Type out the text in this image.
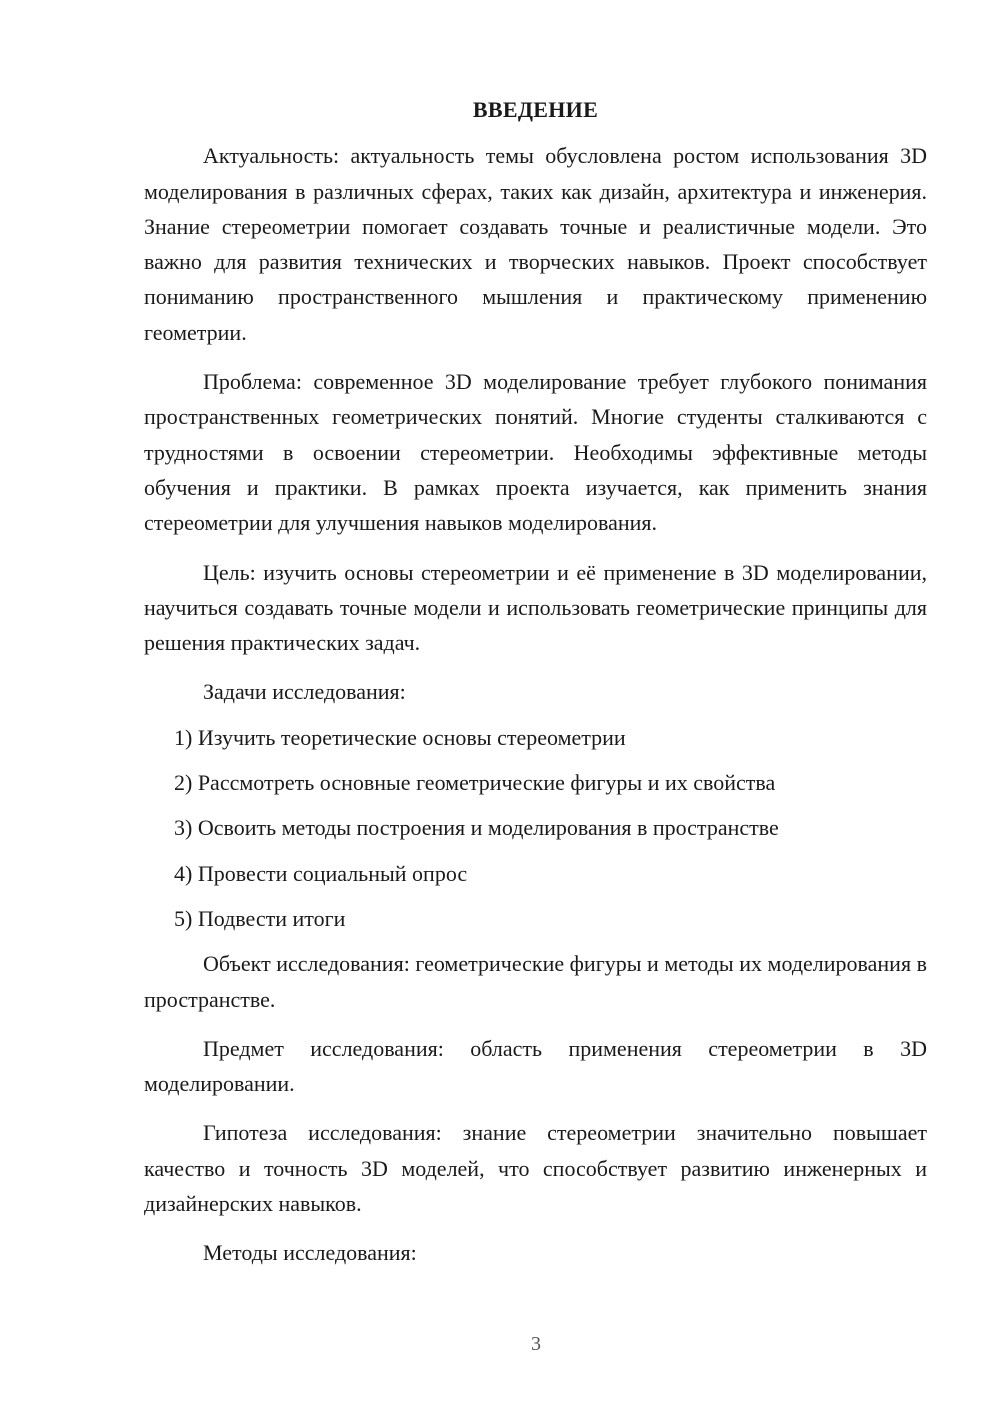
ВВЕДЕНИЕ

Актуальность: актуальность темы обусловлена ростом использования 3D моделирования в различных сферах, таких как дизайн, архитектура и инженерия. Знание стереометрии помогает создавать точные и реалистичные модели. Это важно для развития технических и творческих навыков. Проект способствует пониманию пространственного мышления и практическому применению геометрии.

Проблема: современное 3D моделирование требует глубокого понимания пространственных геометрических понятий. Многие студенты сталкиваются с трудностями в освоении стереометрии. Необходимы эффективные методы обучения и практики. В рамках проекта изучается, как применить знания стереометрии для улучшения навыков моделирования.

Цель: изучить основы стереометрии и её применение в 3D моделировании, научиться создавать точные модели и использовать геометрические принципы для решения практических задач.

Задачи исследования:

1) Изучить теоретические основы стереометрии
2) Рассмотреть основные геометрические фигуры и их свойства
3) Освоить методы построения и моделирования в пространстве
4) Провести социальный опрос
5) Подвести итоги

Объект исследования: геометрические фигуры и методы их моделирования в пространстве.

Предмет исследования: область применения стереометрии в 3D моделировании.

Гипотеза исследования: знание стереометрии значительно повышает качество и точность 3D моделей, что способствует развитию инженерных и дизайнерских навыков.

Методы исследования:

3
